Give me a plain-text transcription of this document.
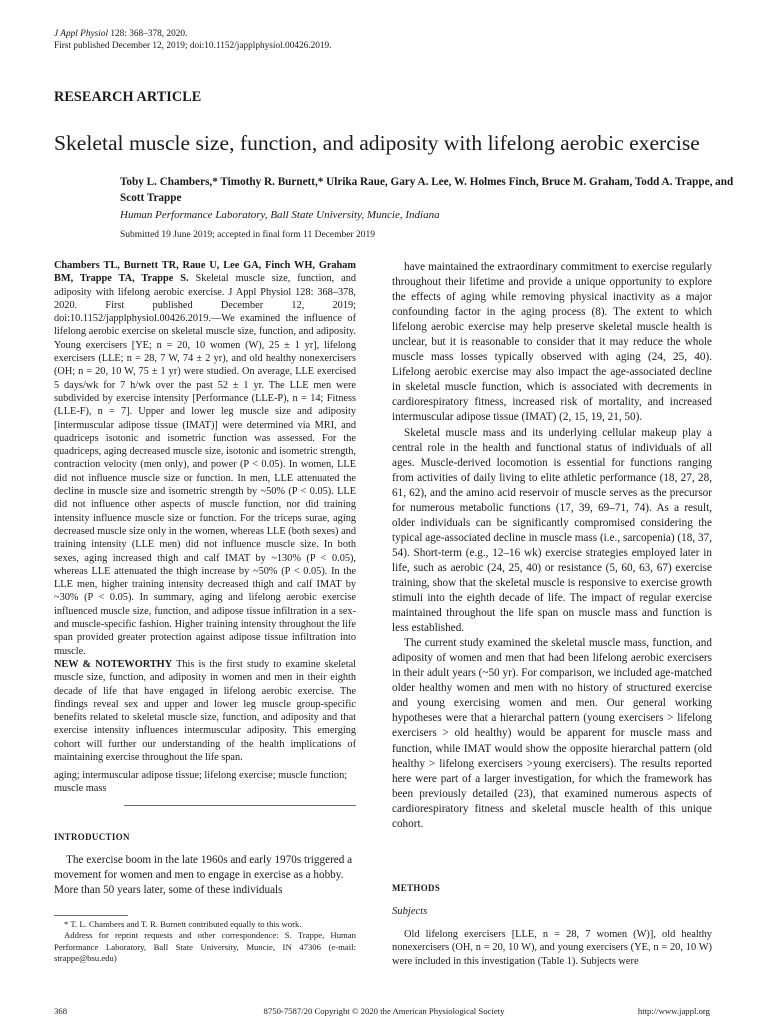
J Appl Physiol 128: 368–378, 2020.
First published December 12, 2019; doi:10.1152/japplphysiol.00426.2019.
RESEARCH ARTICLE
Skeletal muscle size, function, and adiposity with lifelong aerobic exercise
Toby L. Chambers,* Timothy R. Burnett,* Ulrika Raue, Gary A. Lee, W. Holmes Finch, Bruce M. Graham, Todd A. Trappe, and Scott Trappe
Human Performance Laboratory, Ball State University, Muncie, Indiana
Submitted 19 June 2019; accepted in final form 11 December 2019

Chambers TL, Burnett TR, Raue U, Lee GA, Finch WH, Graham BM, Trappe TA, Trappe S. Skeletal muscle size, function, and adiposity with lifelong aerobic exercise. J Appl Physiol 128: 368–378, 2020. First published December 12, 2019; doi:10.1152/japplphysiol.00426.2019.—We examined the influence of lifelong aerobic exercise on skeletal muscle size, function, and adiposity. Young exercisers [YE; n = 20, 10 women (W), 25 ± 1 yr], lifelong exercisers (LLE; n = 28, 7 W, 74 ± 2 yr), and old healthy nonexercisers (OH; n = 20, 10 W, 75 ± 1 yr) were studied. On average, LLE exercised 5 days/wk for 7 h/wk over the past 52 ± 1 yr. The LLE men were subdivided by exercise intensity [Performance (LLE-P), n = 14; Fitness (LLE-F), n = 7]. Upper and lower leg muscle size and adiposity [intermuscular adipose tissue (IMAT)] were determined via MRI, and quadriceps isotonic and isometric function was assessed. For the quadriceps, aging decreased muscle size, isotonic and isometric strength, contraction velocity (men only), and power (P < 0.05). In women, LLE did not influence muscle size or function. In men, LLE attenuated the decline in muscle size and isometric strength by ~50% (P < 0.05). LLE did not influence other aspects of muscle function, nor did training intensity influence muscle size or function. For the triceps surae, aging decreased muscle size only in the women, whereas LLE (both sexes) and training intensity (LLE men) did not influence muscle size. In both sexes, aging increased thigh and calf IMAT by ~130% (P < 0.05), whereas LLE attenuated the thigh increase by ~50% (P < 0.05). In the LLE men, higher training intensity decreased thigh and calf IMAT by ~30% (P < 0.05). In summary, aging and lifelong aerobic exercise influenced muscle size, function, and adipose tissue infiltration in a sex- and muscle-specific fashion. Higher training intensity throughout the life span provided greater protection against adipose tissue infiltration into muscle.

NEW & NOTEWORTHY This is the first study to examine skeletal muscle size, function, and adiposity in women and men in their eighth decade of life that have engaged in lifelong aerobic exercise. The findings reveal sex and upper and lower leg muscle group-specific benefits related to skeletal muscle size, function, and adiposity and that exercise intensity influences intermuscular adiposity. This emerging cohort will further our understanding of the health implications of maintaining exercise throughout the life span.

aging; intermuscular adipose tissue; lifelong exercise; muscle function; muscle mass
INTRODUCTION
The exercise boom in the late 1960s and early 1970s triggered a movement for women and men to engage in exercise as a hobby. More than 50 years later, some of these individuals

* T. L. Chambers and T. R. Burnett contributed equally to this work.

Address for reprint requests and other correspondence: S. Trappe, Human Performance Laboratory, Ball State University, Muncie, IN 47306 (e-mail: strappe@bsu.edu)

have maintained the extraordinary commitment to exercise regularly throughout their lifetime and provide a unique opportunity to explore the effects of aging while removing physical inactivity as a major confounding factor in the aging process (8). The extent to which lifelong aerobic exercise may help preserve skeletal muscle health is unclear, but it is reasonable to consider that it may reduce the whole muscle mass losses typically observed with aging (24, 25, 40). Lifelong aerobic exercise may also impact the age-associated decline in skeletal muscle function, which is associated with decrements in cardiorespiratory fitness, increased risk of mortality, and increased intermuscular adipose tissue (IMAT) (2, 15, 19, 21, 50).

Skeletal muscle mass and its underlying cellular makeup play a central role in the health and functional status of individuals of all ages. Muscle-derived locomotion is essential for functions ranging from activities of daily living to elite athletic performance (18, 27, 28, 61, 62), and the amino acid reservoir of muscle serves as the precursor for numerous metabolic functions (17, 39, 69–71, 74). As a result, older individuals can be significantly compromised considering the typical age-associated decline in muscle mass (i.e., sarcopenia) (18, 37, 54). Short-term (e.g., 12–16 wk) exercise strategies employed later in life, such as aerobic (24, 25, 40) or resistance (5, 60, 63, 67) exercise training, show that the skeletal muscle is responsive to exercise growth stimuli into the eighth decade of life. The impact of regular exercise maintained throughout the life span on muscle mass and function is less established.

The current study examined the skeletal muscle mass, function, and adiposity of women and men that had been lifelong aerobic exercisers in their adult years (~50 yr). For comparison, we included age-matched older healthy women and men with no history of structured exercise and young exercising women and men. Our general working hypotheses were that a hierarchal pattern (young exercisers > lifelong exercisers > old healthy) would be apparent for muscle mass and function, while IMAT would show the opposite hierarchal pattern (old healthy > lifelong exercisers >young exercisers). The results reported here were part of a larger investigation, for which the framework has been previously detailed (23), that examined numerous aspects of cardiorespiratory fitness and skeletal muscle health of this unique cohort.

METHODS
Subjects
Old lifelong exercisers [LLE, n = 28, 7 women (W)], old healthy nonexercisers (OH, n = 20, 10 W), and young exercisers (YE, n = 20, 10 W) were included in this investigation (Table 1). Subjects were
368	8750-7587/20 Copyright © 2020 the American Physiological Society	http://www.jappl.org
